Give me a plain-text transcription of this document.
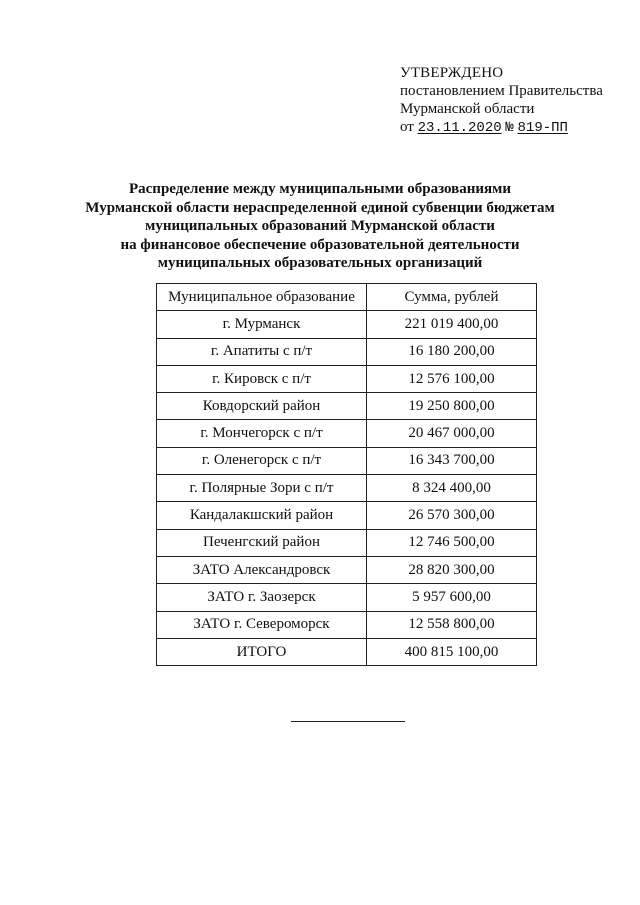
УТВЕРЖДЕНО
постановлением Правительства
Мурманской области
от 23.11.2020 № 819-ПП
Распределение между муниципальными образованиями
Мурманской области нераспределенной единой субвенции бюджетам
муниципальных образований Мурманской области
на финансовое обеспечение образовательной деятельности
муниципальных образовательных организаций
Муниципальное образование	Сумма, рублей
г. Мурманск	221 019 400,00
г. Апатиты с п/т	16 180 200,00
г. Кировск с п/т	12 576 100,00
Ковдорский район	19 250 800,00
г. Мончегорск с п/т	20 467 000,00
г. Оленегорск с п/т	16 343 700,00
г. Полярные Зори с п/т	8 324 400,00
Кандалакшский район	26 570 300,00
Печенгский район	12 746 500,00
ЗАТО Александровск	28 820 300,00
ЗАТО г. Заозерск	5 957 600,00
ЗАТО г. Североморск	12 558 800,00
ИТОГО	400 815 100,00
